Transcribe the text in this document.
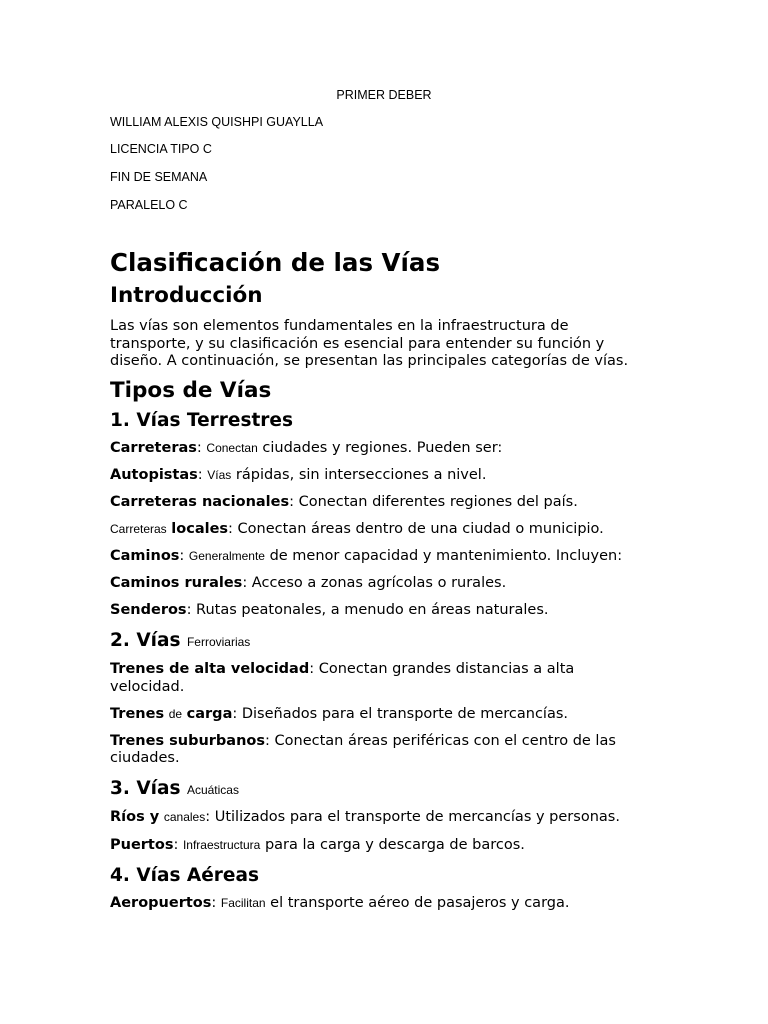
PRIMER DEBER
WILLIAM ALEXIS QUISHPI GUAYLLA
LICENCIA TIPO C
FIN DE SEMANA
PARALELO C
Clasificación de las Vías
Introducción

Las vías son elementos fundamentales en la infraestructura de transporte, y su clasificación es esencial para entender su función y diseño. A continuación, se presentan las principales categorías de vías.

Tipos de Vías
1. Vías Terrestres

Carreteras: Conectan ciudades y regiones. Pueden ser:

Autopistas: Vías rápidas, sin intersecciones a nivel.

Carreteras nacionales: Conectan diferentes regiones del país.

Carreteras locales: Conectan áreas dentro de una ciudad o municipio.

Caminos: Generalmente de menor capacidad y mantenimiento. Incluyen:

Caminos rurales: Acceso a zonas agrícolas o rurales.

Senderos: Rutas peatonales, a menudo en áreas naturales.

2. Vías Ferroviarias

Trenes de alta velocidad: Conectan grandes distancias a alta velocidad.

Trenes de carga: Diseñados para el transporte de mercancías.

Trenes suburbanos: Conectan áreas periféricas con el centro de las ciudades.

3. Vías Acuáticas

Ríos y canales: Utilizados para el transporte de mercancías y personas.

Puertos: Infraestructura para la carga y descarga de barcos.

4. Vías Aéreas

Aeropuertos: Facilitan el transporte aéreo de pasajeros y carga.
